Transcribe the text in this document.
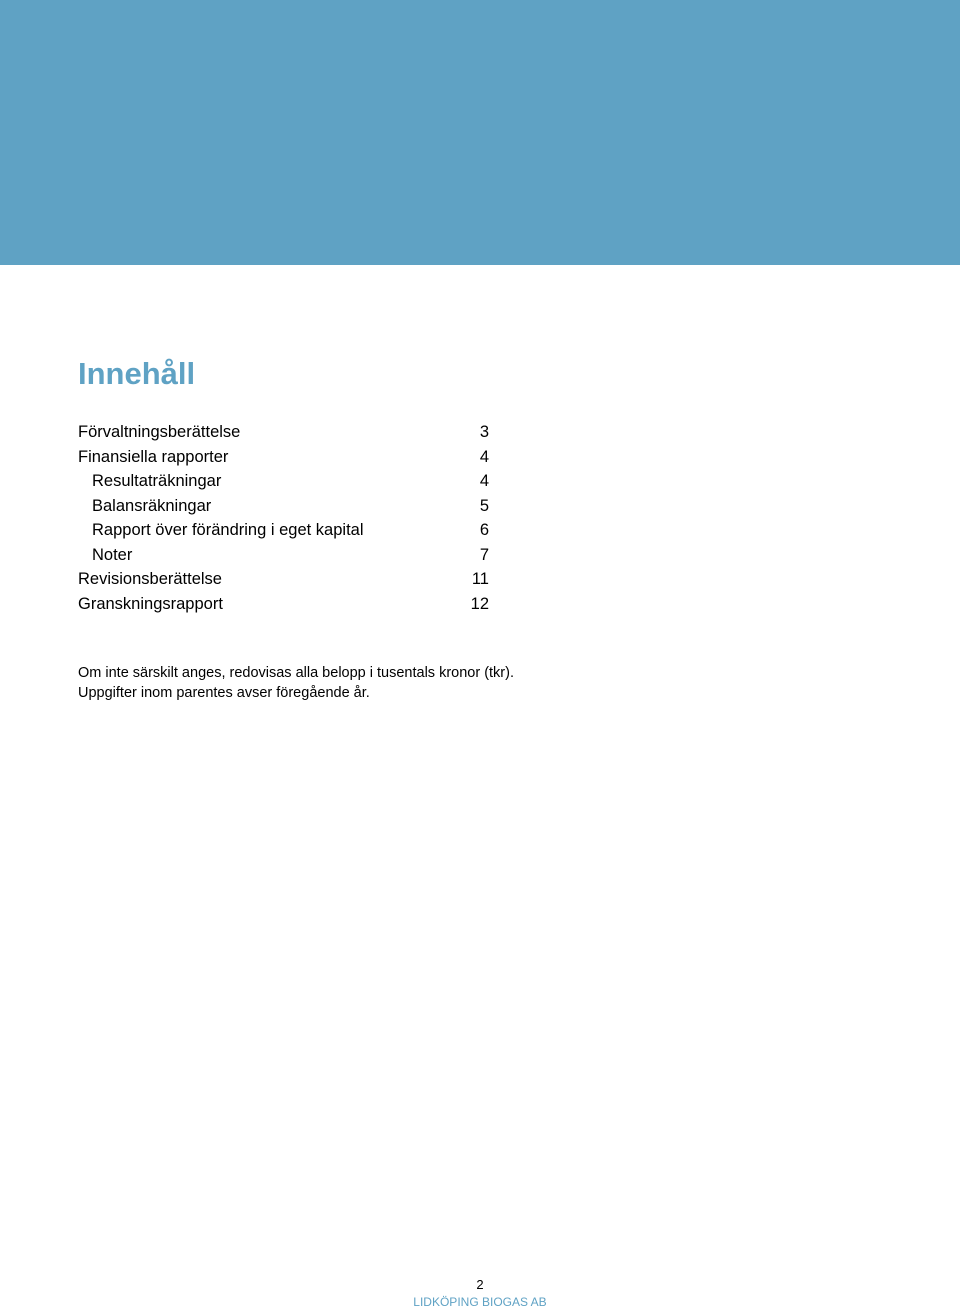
Innehåll
Förvaltningsberättelse	3
Finansiella rapporter	4
Resultaträkningar	4
Balansräkningar	5
Rapport över förändring i eget kapital	6
Noter	7
Revisionsberättelse	11
Granskningsrapport	12

Om inte särskilt anges, redovisas alla belopp i tusentals kronor (tkr).
Uppgifter inom parentes avser föregående år.

2
LIDKÖPING BIOGAS AB
